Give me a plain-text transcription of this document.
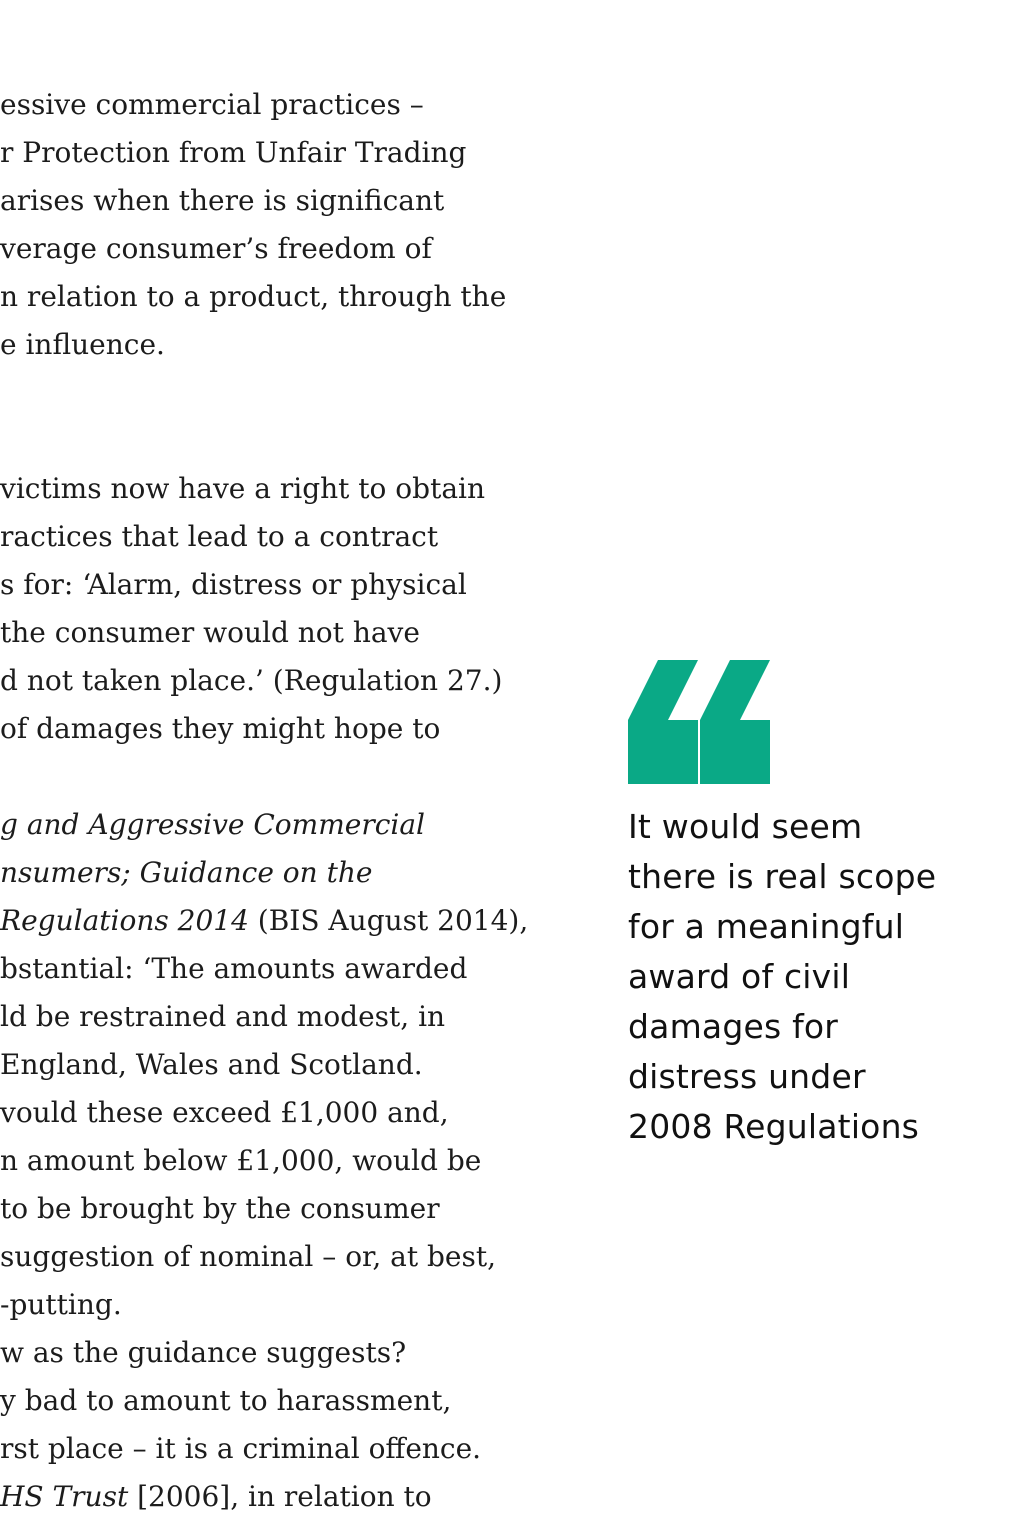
essive commercial practices –
r Protection from Unfair Trading
arises when there is significant
verage consumer’s freedom of
n relation to a product, through the
e influence.
victims now have a right to obtain
ractices that lead to a contract
s for: ‘Alarm, distress or physical
the consumer would not have
d not taken place.’ (Regulation 27.)
of damages they might hope to
g and Aggressive Commercial
nsumers; Guidance on the
Regulations 2014 (BIS August 2014),
bstantial: ‘The amounts awarded
ld be restrained and modest, in
England, Wales and Scotland.
vould these exceed £1,000 and,
n amount below £1,000, would be
to be brought by the consumer
suggestion of nominal – or, at best,
-putting.
w as the guidance suggests?
y bad to amount to harassment,
rst place – it is a criminal offence.
HS Trust [2006], in relation to
It would seem
there is real scope
for a meaningful
award of civil
damages for
distress under
2008 Regulations
